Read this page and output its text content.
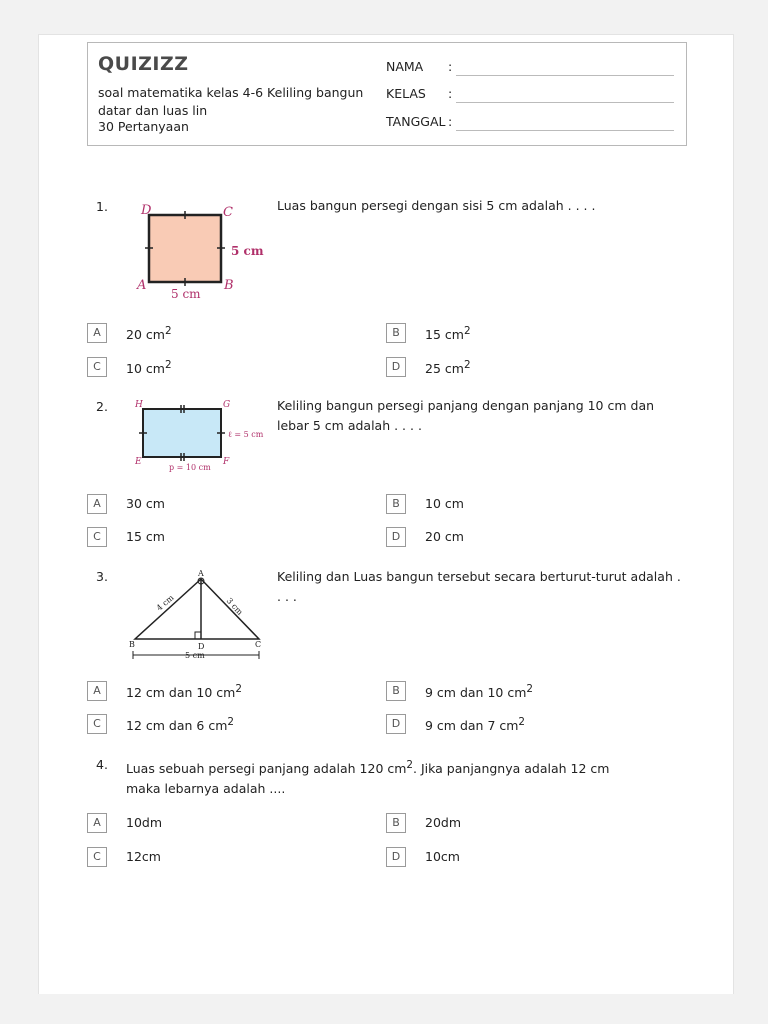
QUIZIZZ
soal matematika kelas 4-6 Keliling bangun datar dan luas lin
30 Pertanyaan
NAMA :
KELAS :
TANGGAL :
1.	D	C
A	B
5 cm
5 cm
Luas bangun persegi dengan sisi 5 cm adalah . . . .
A	20 $cm^2$	B	15 $cm^2$
C	10 $cm^2$	D	25 $cm^2$
2.	H	G
E	F
ℓ = 5 cm
p = 10 cm
Keliling bangun persegi panjang dengan panjang 10 cm dan lebar 5 cm adalah . . . .
A	30 cm	B	10 cm
C	15 cm	D	20 cm
3.	A
B	D	C
4 cm	3 cm
5 cm
Keliling dan Luas bangun tersebut secara berturut-turut adalah . . . .
A	12 cm dan 10 $cm^2$	B	9 cm dan 10 $cm^2$
C	12 cm dan 6 $cm^2$	D	9 cm dan 7 $cm^2$
4. Luas sebuah persegi panjang adalah 120 $cm^2$. Jika panjangnya adalah 12 cm maka lebarnya adalah ....
A	10dm	B	20dm
C	12cm	D	10cm
